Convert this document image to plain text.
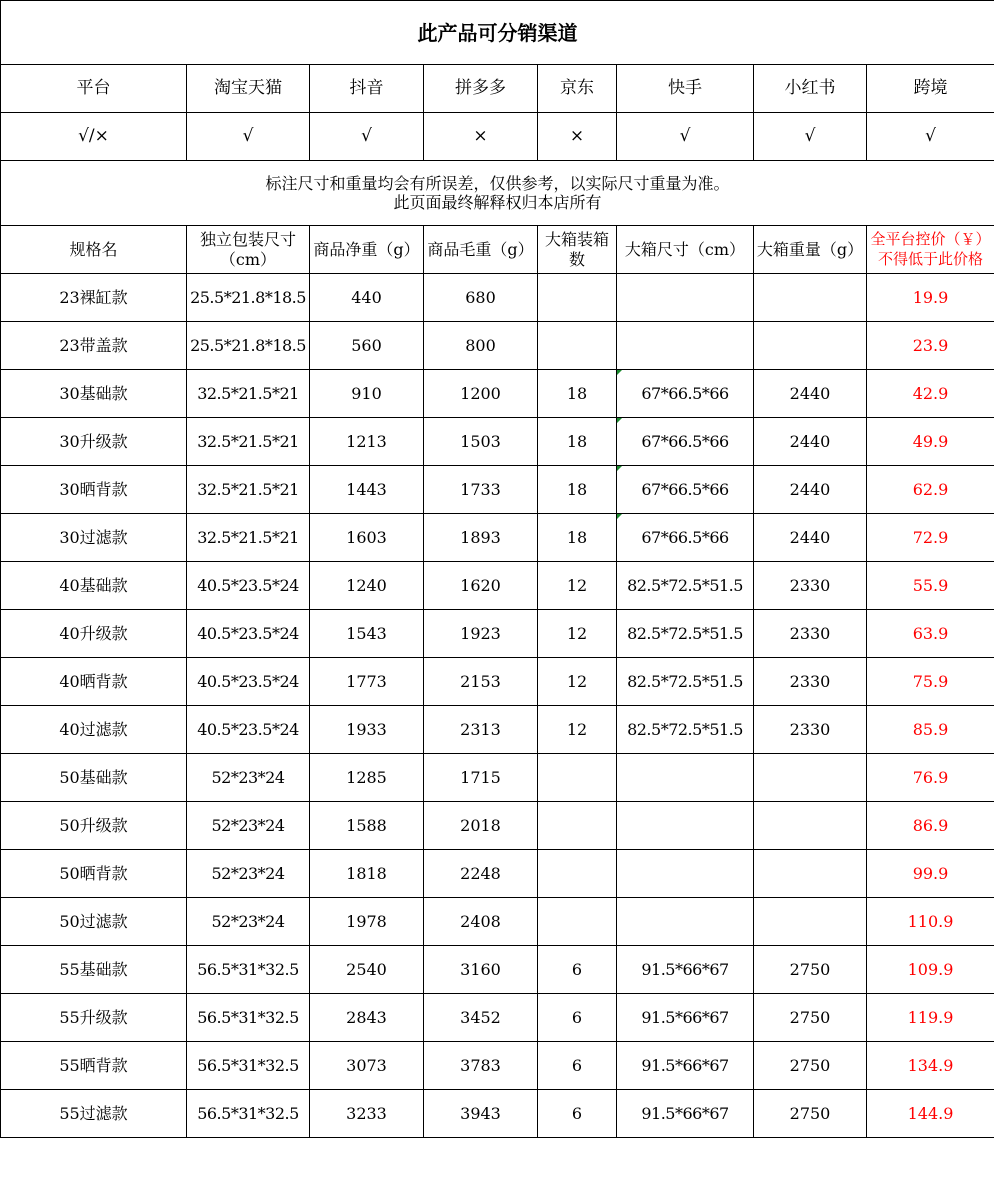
此产品可分销渠道							
平台	淘宝天猫	抖音	拼多多	京东	快手	小红书	跨境
√/×	√	√	×	×	√	√	√

标注尺寸和重量均会有所误差，仅供参考，以实际尺寸重量为准。
此页面最终解释权归本店所有							

规格名	独立包装尺寸（cm）	商品净重（g）	商品毛重（g）	大箱装箱数	大箱尺寸（cm）	大箱重量（g）	全平台控价（￥）
不得低于此价格

23裸缸款	25.5*21.8*18.5	440	680				19.9
23带盖款	25.5*21.8*18.5	560	800				23.9
30基础款	32.5*21.5*21	910	1200	18	67*66.5*66	2440	42.9
30升级款	32.5*21.5*21	1213	1503	18	67*66.5*66	2440	49.9
30晒背款	32.5*21.5*21	1443	1733	18	67*66.5*66	2440	62.9
30过滤款	32.5*21.5*21	1603	1893	18	67*66.5*66	2440	72.9
40基础款	40.5*23.5*24	1240	1620	12	82.5*72.5*51.5	2330	55.9
40升级款	40.5*23.5*24	1543	1923	12	82.5*72.5*51.5	2330	63.9
40晒背款	40.5*23.5*24	1773	2153	12	82.5*72.5*51.5	2330	75.9
40过滤款	40.5*23.5*24	1933	2313	12	82.5*72.5*51.5	2330	85.9
50基础款	52*23*24	1285	1715				76.9
50升级款	52*23*24	1588	2018				86.9
50晒背款	52*23*24	1818	2248				99.9
50过滤款	52*23*24	1978	2408				110.9
55基础款	56.5*31*32.5	2540	3160	6	91.5*66*67	2750	109.9
55升级款	56.5*31*32.5	2843	3452	6	91.5*66*67	2750	119.9
55晒背款	56.5*31*32.5	3073	3783	6	91.5*66*67	2750	134.9
55过滤款	56.5*31*32.5	3233	3943	6	91.5*66*67	2750	144.9
